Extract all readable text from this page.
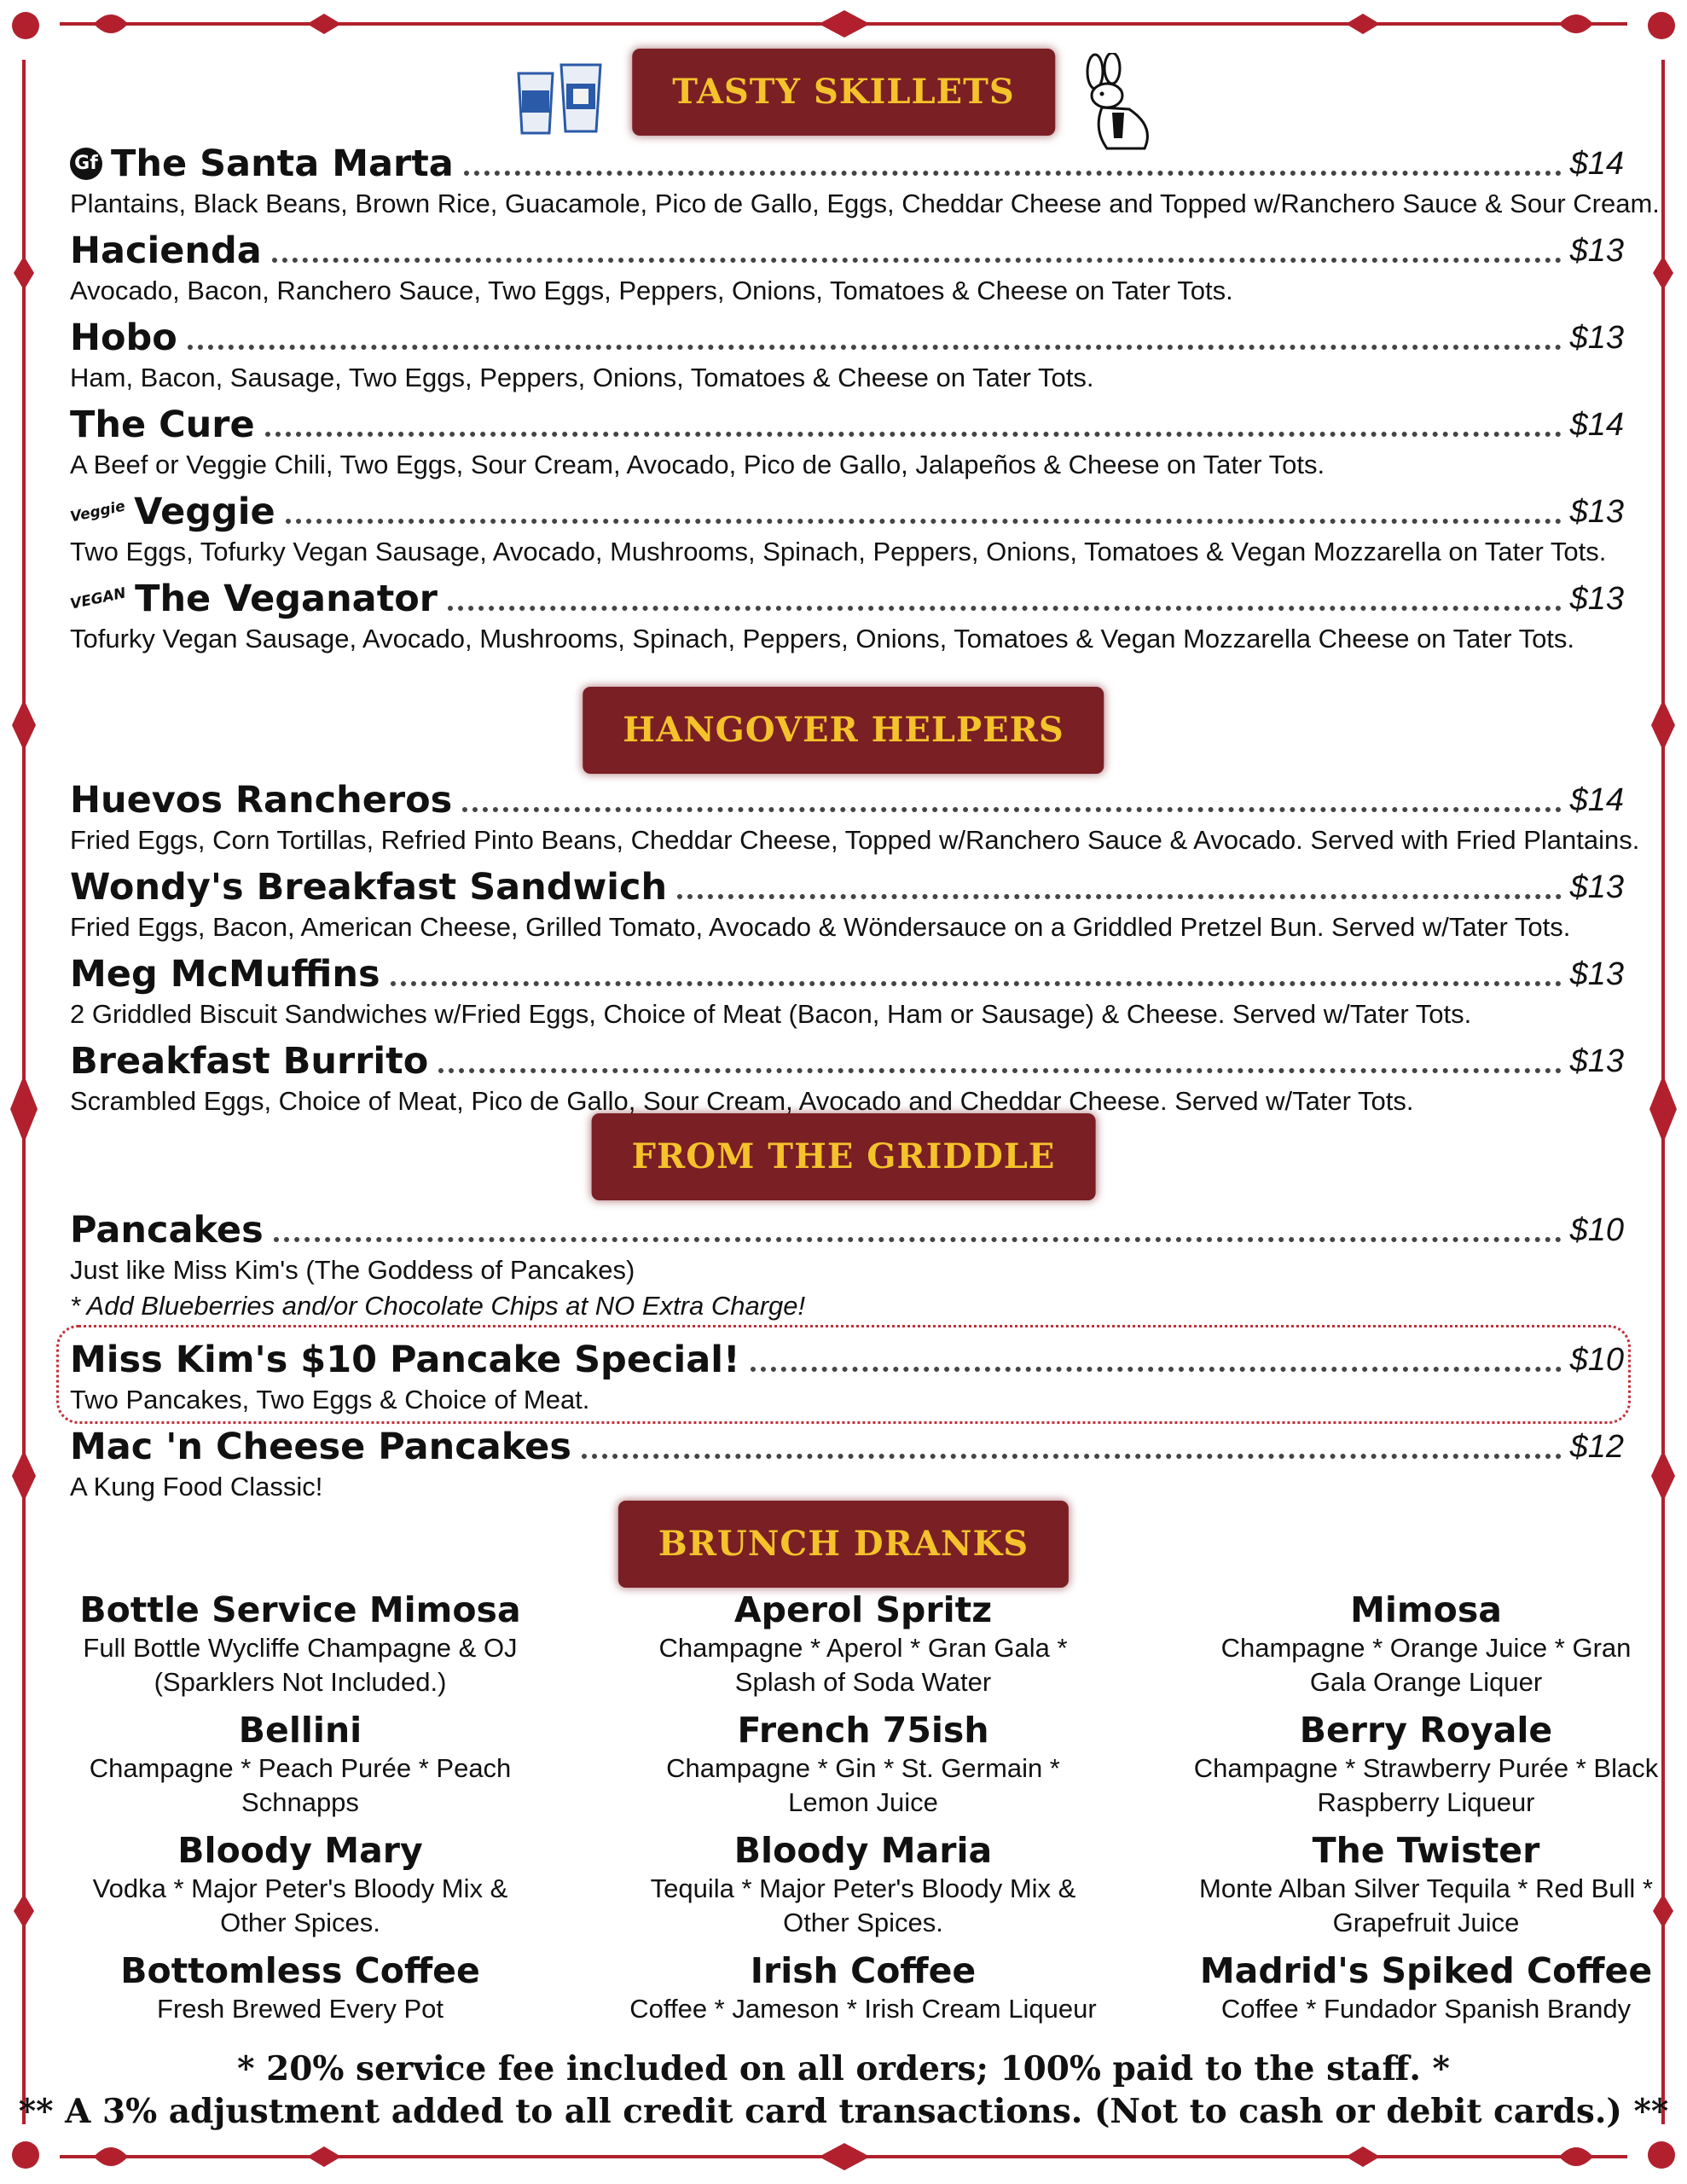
TASTY SKILLETS
HANGOVER HELPERS
FROM THE GRIDDLE
BRUNCH DRANKS
Gf The Santa Marta	$14
Plantains, Black Beans, Brown Rice, Guacamole, Pico de Gallo, Eggs, Cheddar Cheese and Topped w/Ranchero Sauce & Sour Cream.
Hacienda	$13
Avocado, Bacon, Ranchero Sauce, Two Eggs, Peppers, Onions, Tomatoes & Cheese on Tater Tots.
Hobo	$13
Ham, Bacon, Sausage, Two Eggs, Peppers, Onions, Tomatoes & Cheese on Tater Tots.
The Cure	$14
A Beef or Veggie Chili, Two Eggs, Sour Cream, Avocado, Pico de Gallo, Jalapeños & Cheese on Tater Tots.
Veggie Veggie	$13
Two Eggs, Tofurky Vegan Sausage, Avocado, Mushrooms, Spinach, Peppers, Onions, Tomatoes & Vegan Mozzarella on Tater Tots.
VEGAN The Veganator	$13
Tofurky Vegan Sausage, Avocado, Mushrooms, Spinach, Peppers, Onions, Tomatoes & Vegan Mozzarella Cheese on Tater Tots.
Huevos Rancheros	$14
Fried Eggs, Corn Tortillas, Refried Pinto Beans, Cheddar Cheese, Topped w/Ranchero Sauce & Avocado. Served with Fried Plantains.
Wondy's Breakfast Sandwich	$13
Fried Eggs, Bacon, American Cheese, Grilled Tomato, Avocado & Wöndersauce on a Griddled Pretzel Bun. Served w/Tater Tots.
Meg McMuffins	$13
2 Griddled Biscuit Sandwiches w/Fried Eggs, Choice of Meat (Bacon, Ham or Sausage) & Cheese. Served w/Tater Tots.
Breakfast Burrito	$13
Scrambled Eggs, Choice of Meat, Pico de Gallo, Sour Cream, Avocado and Cheddar Cheese. Served w/Tater Tots.
Pancakes	$10
Just like Miss Kim's (The Goddess of Pancakes)
* Add Blueberries and/or Chocolate Chips at NO Extra Charge!
Miss Kim's $10 Pancake Special!	$10
Two Pancakes, Two Eggs & Choice of Meat.
Mac 'n Cheese Pancakes	$12
A Kung Food Classic!
Bottle Service Mimosa
Full Bottle Wycliffe Champagne & OJ
(Sparklers Not Included.)
Aperol Spritz
Champagne * Aperol * Gran Gala *
Splash of Soda Water
Mimosa
Champagne * Orange Juice * Gran
Gala Orange Liquer
Bellini
Champagne * Peach Purée * Peach
Schnapps
French 75ish
Champagne * Gin * St. Germain *
Lemon Juice
Berry Royale
Champagne * Strawberry Purée * Black
Raspberry Liqueur
Bloody Mary
Vodka * Major Peter's Bloody Mix &
Other Spices.
Bloody Maria
Tequila * Major Peter's Bloody Mix &
Other Spices.
The Twister
Monte Alban Silver Tequila * Red Bull *
Grapefruit Juice
Bottomless Coffee
Fresh Brewed Every Pot
Irish Coffee
Coffee * Jameson * Irish Cream Liqueur
Madrid's Spiked Coffee
Coffee * Fundador Spanish Brandy
* 20% service fee included on all orders; 100% paid to the staff. *
** A 3% adjustment added to all credit card transactions. (Not to cash or debit cards.) **
